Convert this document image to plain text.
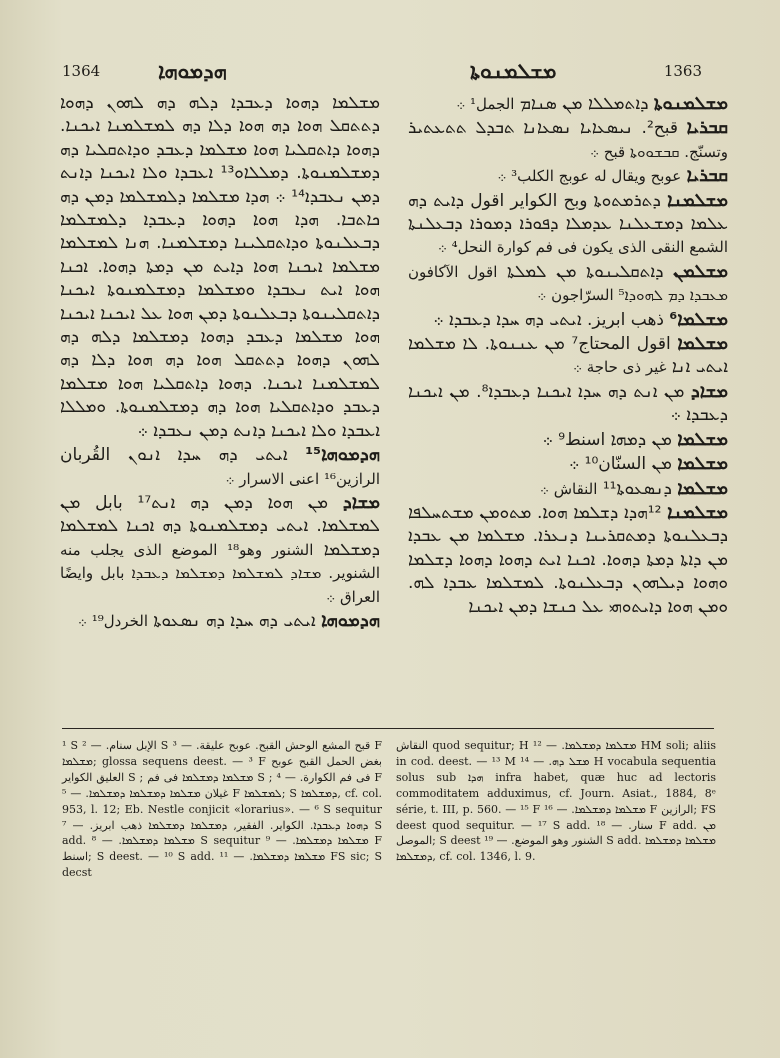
1364	ܗܕܡܘܗܐ	ܡܫܠܡܢܘܬܐ	1363

ܡܫܠܡܐ ܕܗܘܐ ܕܥܒܕܐ ܕܠܗ ܕܗ ܠܗܘܢ ܕܗܘܐ ܕܬܬܩܠ ܗܘܐ ܕܗ ܗܘܐ ܕܠܐ ܕܗ ܠܡܫܠܡܢܐ ܐܝܟܢܐ. ܕܗܘܐ ܕܐܬܩܠܝܐ ܗܘܐ ܡܫܠܡܐ ܕܥܒܕ ܘܕܐܬܩܠܝܐ ܕܗ ܕܡܫܠܡܢܘܬܐ. ܕܡܠܠܐܘ¹³ ܐܥܒܕܐ ܘܠܐ ܐܝܟܢܐ ܕܐܢܬ ܕܡܢ ܢܥܒܕܐ¹⁴ ܀ ܗܕܐ ܡܫܠܡܐ ܕܠܡܫܠܡܐ ܕܡܢ ܕܗ ܟܐܬܒܐ. ܗܕܐ ܗܘܐ ܕܗܘܐ ܕܥܒܕܐ ܕܠܡܫܠܡܐ ܕܒܥܠܢܘܬܐ ܘܕܐܬܩܠܝܢܐ ܕܡܫܠܡܢܐ. ܗܢܐ ܠܡܫܠܡܐ ܡܫܠܡܐ ܐܝܟܢܐ ܗܘܐ ܕܐܝܬ ܡܢ ܕܡܬܐ ܕܗܘܐ. ܐܟܢܐ ܗܘܐ ܐܝܬ ܢܥܒܕܐ ܘܡܫܠܡܐ ܕܡܫܠܡܢܘܬܐ ܐܝܟܢܐ ܕܐܬܩܠܝܢܘܬܐ ܕܒܥܠܢܘܬܐ ܕܡܢ ܗܘܐ ܥܠ ܐܝܟܢܐ ܐܝܟܢܐ ܗܘܐ ܡܫܠܡܐ ܕܥܒܕ ܕܗܘܐ ܕܡܫܠܡܐ ܕܠܗ ܕܗ ܠܗܘܢ ܕܗܘܐ ܕܬܬܩܠ ܗܘܐ ܕܗ ܗܘܐ ܕܠܐ ܕܗ ܠܡܫܠܡܢܐ ܐܝܟܢܐ. ܕܗܘܐ ܕܐܬܩܠܝܐ ܗܘܐ ܡܫܠܡܐ ܕܥܒܕ ܘܕܐܬܩܠܝܐ ܗܘܐ ܕܗ ܕܡܫܠܡܢܘܬܐ. ܘܡܠܠܐ ܐܥܒܕܐ ܘܠܐ ܐܝܟܢܐ ܕܐܢܬ ܕܡܢ ܢܥܒܕܐ ܀

ܗܕܡܘܗܐ¹⁵ ܐܝܬܝ ܕܗ ܚܕܐ ܐܢܘܢ القُربان الرازين¹⁶ اعنى الاسرار ܀

ܡܫܐܕ ܡܢ ܗܘܐ ܕܡܢ ܕܗ ܐܢܬ¹⁷ بابل ܡܢ ܠܡܫܠܡܐ. ܐܝܬܝ ܕܡܫܠܡܢܘܬܐ ܕܗ ܐܟܢܐ ܠܡܫܠܡܐ ܕܡܫܠܡܐ الشنور وهو¹⁸ الموضع الذى يجلب منه الشنوير. ܡܫܐܕ ܠܡܫܠܡܐ ܕܡܫܠܡܐ ܕܥܒܕܐ بابل وايضًا العراق ܀

ܗܕܡܘܗܐ ܐܝܬܝ ܕܗ ܚܕܐ ܕܗ ܢܣܥܘܬܐ الخردل¹⁹ ܀

ܡܫܠܡܢܘܬܐ ܕܐܬܡܠܠܐ ܡܢ ܣܢܐܡ الجمل¹ ܀

ܩܒܪܝܐ قبح². ܢܝܣܥܐܝܐ ܢܣܥܐܢܐ ܬܒܕܠ ܬܬܥܬܝܪ وتسنّج. ܩܒܫܘܘܬܐ قبح ܀

ܩܒܪܝܐ عوبح ويقال له عوبج الكلب³ ܀

ܡܫܠܡܢܐ ܕܬܪܡܬܘܬܐ وبح الكواير اقول ܕܐܝܬ ܕܗ ܥܠܡܐ ܕܡܫܥܠܢܐ ܥܕܡܠܐ ܕܦܘܪܐ ܕܡܘܪܐ ܕܒܥܠܢܬܐ الشمع النقى الذى يكون فى فم كوارة النحل⁴ ܀

ܡܫܠܡܢ ܕܐܬܩܠܝܢܘܬܐ ܡܢ ܠܡܠܬܐ اقول الآكافون ܡܥܒܕܐ ܕܡ ܠܗܘܕܐ⁵ السرّاجون ܀

ܡܫܠܡܐ⁶ ذهب ابريز. ܐܝܬܝ ܕܗ ܚܕܐ ܕܥܒܕܐ ܀

ܡܫܠܡܐ اقول المحتاج⁷ ܡܢ ܥܢܢܘܬܐ. ܠܐ ܡܫܠܡܐ ܐܝܬܝ ܐܢܐ غير ذى حاجة ܀

ܡܫܐܕ ܡܢ ܐܢܬ ܕܗ ܚܕܐ ܐܝܟܢܐ ܕܥܒܕܐ⁸. ܡܢ ܐܝܟܢܐ ܕܥܒܕܐ ܀

ܡܫܠܡܐ ܡܢ ܕܡܗܐ اسنط⁹ ܀

ܡܫܠܡܐ ܡܢ السنّان¹⁰ ܀

ܡܫܠܡܐ ܕܢܣܥܘܬܐ¹¹ النقاش ܀

ܡܫܠܡܢܐ ¹²ܗܕܐ ܕܫܠܡܐ ܗܘܐ. ܡܬܘܡܢ ܡܫܬܚܠܦܐ ܕܒܥܠܢܘܬܐ ܕܡܬܩܪܝܢܐ ܕܢܥܪܐ. ܡܫܠܡܐ ܡܢ ܥܒܕܐ ܡܢ ܕܐܬܐ ܕܡܬܐ ܕܗܘܐ. ܐܟܢܐ ܐܝܬ ܕܗܘܐ ܕܗܘܐ ܕܫܠܡܐ ܘܗܘܐ ܕܝܠܗܘܢ ܕܒܥܠܢܘܬܐ. ܠܡܫܠܡܐ ܥܒܕܐ ܠܗ. ܘܡܢ ܗܘܐ ܕܐܝܬܘܗܝ ܥܠ ܟܢܫܐ ܕܡܢ ܐܝܟܢܐ

¹ S الإبل سنام. — ² S قبح المشع الوحش القبح. عوبح عليقة. — ³ F ܡܫܠܡܐ; glossa sequens deest. — ³ F بغض الحمل القبح عوبح العليق الكواير S ; ܡܫܠܡܐ ܕܡܫܠܡܐ فى فم S ; فى فم الكوارة. — ⁴ F غيلان ܡܫܠܡܐ ܕܡܫܠܡܐ ܕܡܫܠܡܐ. — ⁵ F ܠܡܫܠܡܐ; S ܕܡܫܠܡܐ, cf. col. 953, l. 12; Eb. Nestle conjicit «lorarius». — ⁶ S sequitur ܕܗܘܐ ܕܥܒܕܐ. الكواير. الفقير, ܕܡܫܠܡܐ ܕܡܫܠܡܐ ذهب ابريز. — ⁷ S add. ܡܫܠܡܐ ܕܡܫܠܡܐ. — ⁸ S sequitur ܡܫܠܡܐ ܕܡܫܠܡܐ. — ⁹ F اسنط; S deest. — ¹⁰ S add. ܡܫܠܡܐ ܕܡܫܠܡܐ. — ¹¹ FS sic; S decst

النقاش quod sequitur; H ܡܫܠܡܐ ܕܡܫܠܡܐ. — ¹² HM soli; aliis in cod. deest. — ¹³ M ܡܫܠ ܕܗ. — ¹⁴ H vocabula sequentia solus sub ܗܕܐ infra habet, quæ huc ad lectoris commoditatem adduximus, cf. Journ. Asiat., 1884, 8ᵉ série, t. III, p. 560. — ¹⁵ F ܡܫܠܡܐ ܕܡܫܠܡܐ. — ¹⁶ F الرازين; FS deest quod sequitur. — ¹⁷ S add. سنار. — ¹⁸ F add. ܡܢ الموصل; S deest الشنور وهو الموضع. — ¹⁹ S add. ܡܫܠܡܐ ܕܡܫܠܡܐ ܕܡܫܠܡܐ, cf. col. 1346, l. 9.
